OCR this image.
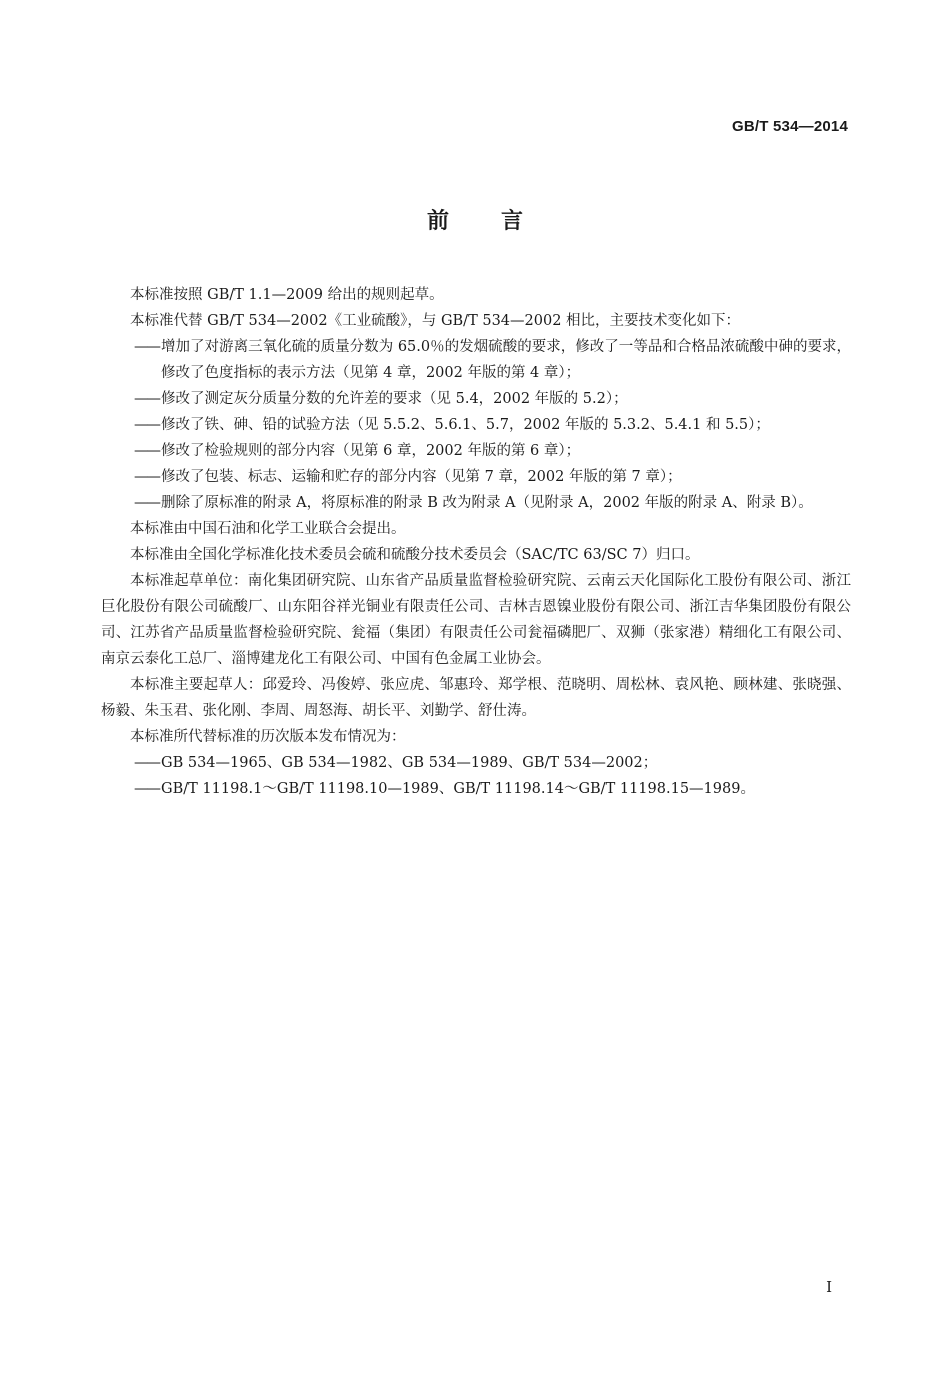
GB/T 534—2014
前言

本标准按照 GB/T 1.1—2009 给出的规则起草。

本标准代替 GB/T 534—2002《工业硫酸》，与 GB/T 534—2002 相比，主要技术变化如下：

—— 增加了对游离三氧化硫的质量分数为 65.0％的发烟硫酸的要求，修改了一等品和合格品浓硫酸中砷的要求，修改了色度指标的表示方法（见第 4 章，2002 年版的第 4 章）；
—— 修改了测定灰分质量分数的允许差的要求（见 5.4，2002 年版的 5.2）；
—— 修改了铁、砷、铅的试验方法（见 5.5.2、5.6.1、5.7，2002 年版的 5.3.2、5.4.1 和 5.5）；
—— 修改了检验规则的部分内容（见第 6 章，2002 年版的第 6 章）；
—— 修改了包装、标志、运输和贮存的部分内容（见第 7 章，2002 年版的第 7 章）；
—— 删除了原标准的附录 A，将原标准的附录 B 改为附录 A（见附录 A，2002 年版的附录 A、附录 B）。

本标准由中国石油和化学工业联合会提出。

本标准由全国化学标准化技术委员会硫和硫酸分技术委员会（SAC/TC 63/SC 7）归口。

本标准起草单位：南化集团研究院、山东省产品质量监督检验研究院、云南云天化国际化工股份有限公司、浙江巨化股份有限公司硫酸厂、山东阳谷祥光铜业有限责任公司、吉林吉恩镍业股份有限公司、浙江吉华集团股份有限公司、江苏省产品质量监督检验研究院、瓮福（集团）有限责任公司瓮福磷肥厂、双狮（张家港）精细化工有限公司、南京云泰化工总厂、淄博建龙化工有限公司、中国有色金属工业协会。

本标准主要起草人：邱爱玲、冯俊婷、张应虎、邹惠玲、郑学根、范晓明、周松林、袁风艳、顾林建、张晓强、杨毅、朱玉君、张化刚、李周、周怒海、胡长平、刘勤学、舒仕涛。

本标准所代替标准的历次版本发布情况为：

—— GB 534—1965、GB 534—1982、GB 534—1989、GB/T 534—2002；
—— GB/T 11198.1～GB/T 11198.10—1989、GB/T 11198.14～GB/T 11198.15—1989。
I
